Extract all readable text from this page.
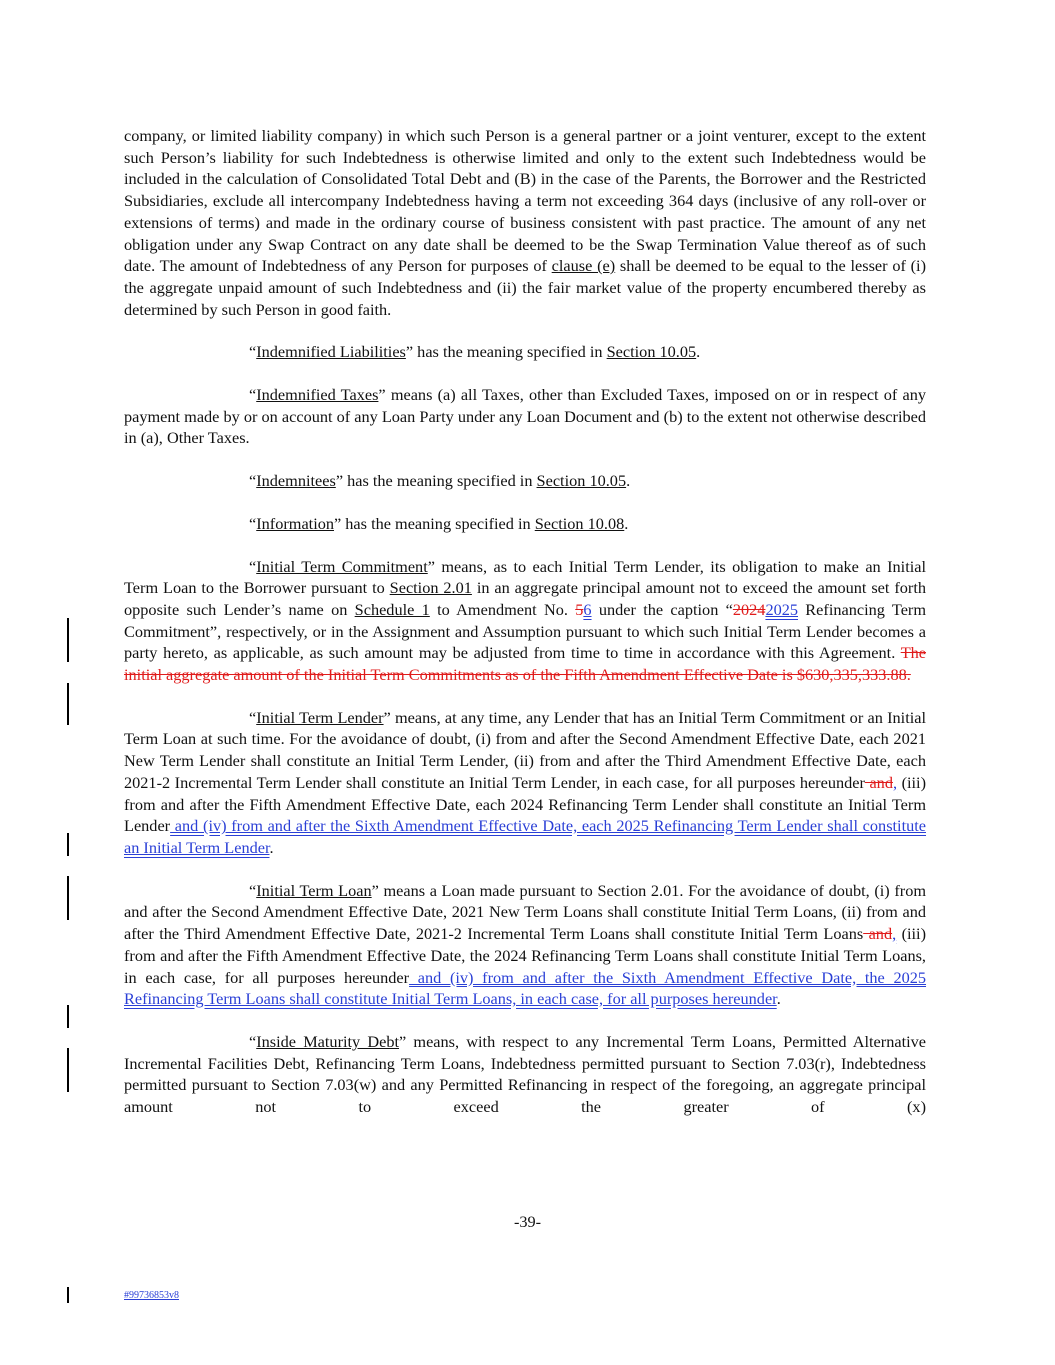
company, or limited liability company) in which such Person is a general partner or a joint venturer, except to the extent such Person’s liability for such Indebtedness is otherwise limited and only to the extent such Indebtedness would be included in the calculation of Consolidated Total Debt and (B) in the case of the Parents, the Borrower and the Restricted Subsidiaries, exclude all intercompany Indebtedness having a term not exceeding 364 days (inclusive of any roll-over or extensions of terms) and made in the ordinary course of business consistent with past practice. The amount of any net obligation under any Swap Contract on any date shall be deemed to be the Swap Termination Value thereof as of such date. The amount of Indebtedness of any Person for purposes of clause (e) shall be deemed to be equal to the lesser of (i) the aggregate unpaid amount of such Indebtedness and (ii) the fair market value of the property encumbered thereby as determined by such Person in good faith.

“Indemnified Liabilities” has the meaning specified in Section 10.05.

“Indemnified Taxes” means (a) all Taxes, other than Excluded Taxes, imposed on or in respect of any payment made by or on account of any Loan Party under any Loan Document and (b) to the extent not otherwise described in (a), Other Taxes.

“Indemnitees” has the meaning specified in Section 10.05.

“Information” has the meaning specified in Section 10.08.

“Initial Term Commitment” means, as to each Initial Term Lender, its obligation to make an Initial Term Loan to the Borrower pursuant to Section 2.01 in an aggregate principal amount not to exceed the amount set forth opposite such Lender’s name on Schedule 1 to Amendment No. 56 under the caption “20242025 Refinancing Term Commitment”, respectively, or in the Assignment and Assumption pursuant to which such Initial Term Lender becomes a party hereto, as applicable, as such amount may be adjusted from time to time in accordance with this Agreement. The initial aggregate amount of the Initial Term Commitments as of the Fifth Amendment Effective Date is $630,335,333.88.

“Initial Term Lender” means, at any time, any Lender that has an Initial Term Commitment or an Initial Term Loan at such time. For the avoidance of doubt, (i) from and after the Second Amendment Effective Date, each 2021 New Term Lender shall constitute an Initial Term Lender, (ii) from and after the Third Amendment Effective Date, each 2021-2 Incremental Term Lender shall constitute an Initial Term Lender, in each case, for all purposes hereunder and, (iii) from and after the Fifth Amendment Effective Date, each 2024 Refinancing Term Lender shall constitute an Initial Term Lender and (iv) from and after the Sixth Amendment Effective Date, each 2025 Refinancing Term Lender shall constitute an Initial Term Lender.

“Initial Term Loan” means a Loan made pursuant to Section 2.01. For the avoidance of doubt, (i) from and after the Second Amendment Effective Date, 2021 New Term Loans shall constitute Initial Term Loans, (ii) from and after the Third Amendment Effective Date, 2021-2 Incremental Term Loans shall constitute Initial Term Loans and, (iii) from and after the Fifth Amendment Effective Date, the 2024 Refinancing Term Loans shall constitute Initial Term Loans, in each case, for all purposes hereunder and (iv) from and after the Sixth Amendment Effective Date, the 2025 Refinancing Term Loans shall constitute Initial Term Loans, in each case, for all purposes hereunder.

“Inside Maturity Debt” means, with respect to any Incremental Term Loans, Permitted Alternative Incremental Facilities Debt, Refinancing Term Loans, Indebtedness permitted pursuant to Section 7.03(r), Indebtedness permitted pursuant to Section 7.03(w) and any Permitted Refinancing in respect of the foregoing, an aggregate principal amount not to exceed the greater of (x)

-39-
#99736853v8
